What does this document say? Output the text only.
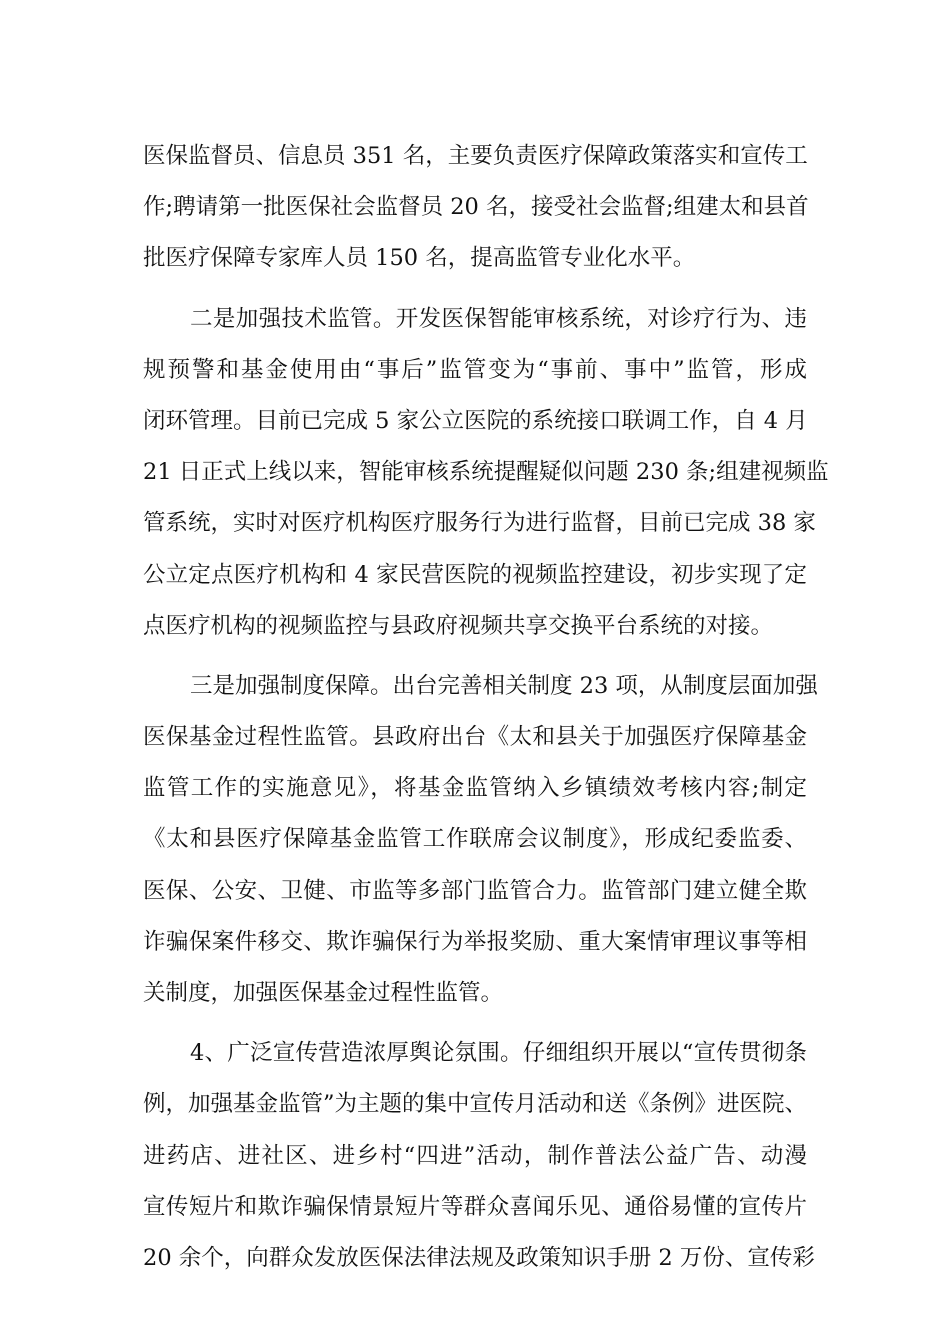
医保监督员、信息员 351 名，主要负责医疗保障政策落实和宣传工
作;聘请第一批医保社会监督员 20 名，接受社会监督;组建太和县首
批医疗保障专家库人员 150 名，提高监管专业化水平。
二是加强技术监管。开发医保智能审核系统，对诊疗行为、违
规预警和基金使用由“事后”监管变为“事前、事中”监管，形成
闭环管理。目前已完成 5 家公立医院的系统接口联调工作，自 4 月
21 日正式上线以来，智能审核系统提醒疑似问题 230 条;组建视频监
管系统，实时对医疗机构医疗服务行为进行监督，目前已完成 38 家
公立定点医疗机构和 4 家民营医院的视频监控建设，初步实现了定
点医疗机构的视频监控与县政府视频共享交换平台系统的对接。
三是加强制度保障。出台完善相关制度 23 项，从制度层面加强
医保基金过程性监管。县政府出台《太和县关于加强医疗保障基金
监管工作的实施意见》，将基金监管纳入乡镇绩效考核内容;制定
《太和县医疗保障基金监管工作联席会议制度》，形成纪委监委、
医保、公安、卫健、市监等多部门监管合力。监管部门建立健全欺
诈骗保案件移交、欺诈骗保行为举报奖励、重大案情审理议事等相
关制度，加强医保基金过程性监管。
4、广泛宣传营造浓厚舆论氛围。仔细组织开展以“宣传贯彻条
例，加强基金监管”为主题的集中宣传月活动和送《条例》进医院、
进药店、进社区、进乡村“四进”活动，制作普法公益广告、动漫
宣传短片和欺诈骗保情景短片等群众喜闻乐见、通俗易懂的宣传片
20 余个，向群众发放医保法律法规及政策知识手册 2 万份、宣传彩
